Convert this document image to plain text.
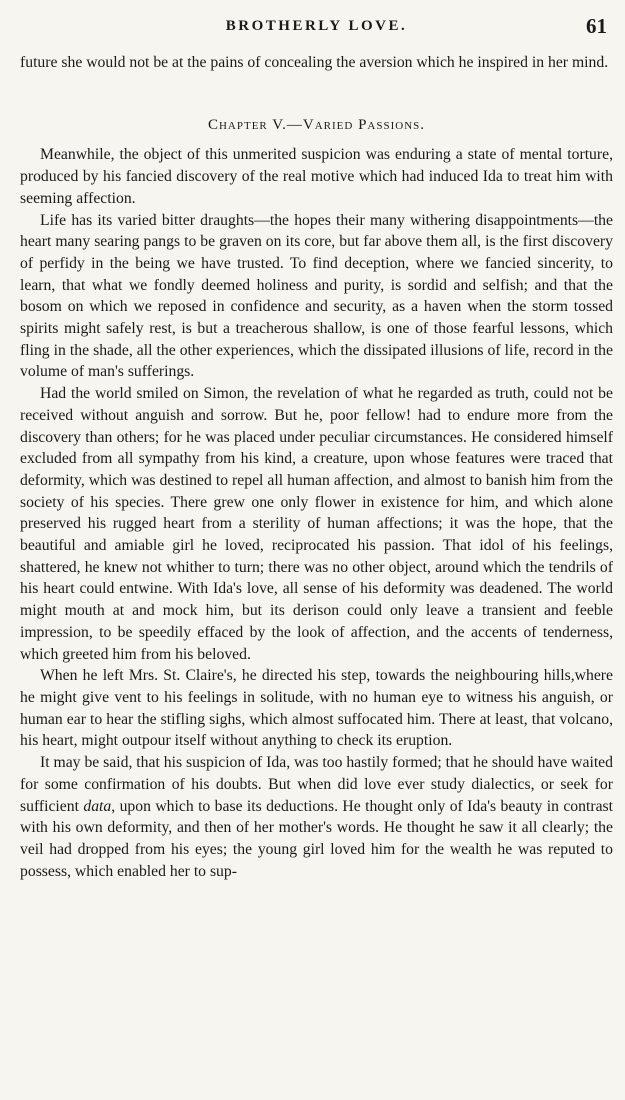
BROTHERLY LOVE.	61

future she would not be at the pains of concealing the aversion which he inspired in her mind.

Chapter V.—Varied Passions.

Meanwhile, the object of this unmerited suspicion was enduring a state of mental torture, produced by his fancied discovery of the real motive which had induced Ida to treat him with seeming affection.

Life has its varied bitter draughts—the hopes their many withering disappointments—the heart many searing pangs to be graven on its core, but far above them all, is the first discovery of perfidy in the being we have trusted. To find deception, where we fancied sincerity, to learn, that what we fondly deemed holiness and purity, is sordid and selfish; and that the bosom on which we reposed in confidence and security, as a haven when the storm tossed spirits might safely rest, is but a treacherous shallow, is one of those fearful lessons, which fling in the shade, all the other experiences, which the dissipated illusions of life, record in the volume of man's sufferings.

Had the world smiled on Simon, the revelation of what he regarded as truth, could not be received without anguish and sorrow. But he, poor fellow! had to endure more from the discovery than others; for he was placed under peculiar circumstances. He considered himself excluded from all sympathy from his kind, a creature, upon whose features were traced that deformity, which was destined to repel all human affection, and almost to banish him from the society of his species. There grew one only flower in existence for him, and which alone preserved his rugged heart from a sterility of human affections; it was the hope, that the beautiful and amiable girl he loved, reciprocated his passion. That idol of his feelings, shattered, he knew not whither to turn; there was no other object, around which the tendrils of his heart could entwine. With Ida's love, all sense of his deformity was deadened. The world might mouth at and mock him, but its derison could only leave a transient and feeble impression, to be speedily effaced by the look of affection, and the accents of tenderness, which greeted him from his beloved.

When he left Mrs. St. Claire's, he directed his step, towards the neighbouring hills,where he might give vent to his feelings in solitude, with no human eye to witness his anguish, or human ear to hear the stifling sighs, which almost suffocated him. There at least, that volcano, his heart, might outpour itself without anything to check its eruption.

It may be said, that his suspicion of Ida, was too hastily formed; that he should have waited for some confirmation of his doubts. But when did love ever study dialectics, or seek for sufficient data, upon which to base its deductions. He thought only of Ida's beauty in contrast with his own deformity, and then of her mother's words. He thought he saw it all clearly; the veil had dropped from his eyes; the young girl loved him for the wealth he was reputed to possess, which enabled her to sup-
